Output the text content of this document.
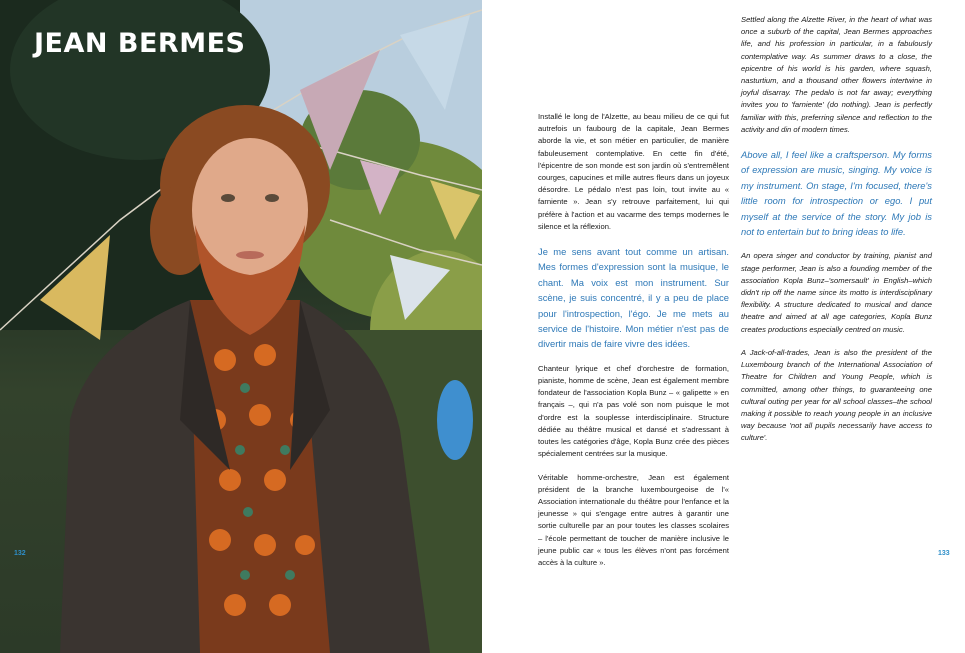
JEAN BERMES
132

Installé le long de l'Alzette, au beau milieu de ce qui fut autrefois un faubourg de la capitale, Jean Bermes aborde la vie, et son métier en particulier, de manière fabuleusement contemplative. En cette fin d'été, l'épicentre de son monde est son jardin où s'entremêlent courges, capucines et mille autres fleurs dans un joyeux désordre. Le pédalo n'est pas loin, tout invite au « farniente ». Jean s'y retrouve parfaitement, lui qui préfère à l'action et au vacarme des temps modernes le silence et la réflexion.

Je me sens avant tout comme un artisan. Mes formes d'expression sont la musique, le chant. Ma voix est mon instrument. Sur scène, je suis concentré, il y a peu de place pour l'introspection, l'égo. Je me mets au service de l'histoire. Mon métier n'est pas de divertir mais de faire vivre des idées.

Chanteur lyrique et chef d'orchestre de formation, pianiste, homme de scène, Jean est également membre fondateur de l'association Kopla Bunz – « galipette » en français –, qui n'a pas volé son nom puisque le mot d'ordre est la souplesse interdisciplinaire. Structure dédiée au théâtre musical et dansé et s'adressant à toutes les catégories d'âge, Kopla Bunz crée des pièces spécialement centrées sur la musique.

Véritable homme-orchestre, Jean est également président de la branche luxembourgeoise de l'« Association internationale du théâtre pour l'enfance et la jeunesse » qui s'engage entre autres à garantir une sortie culturelle par an pour toutes les classes scolaires – l'école permettant de toucher de manière inclusive le jeune public car « tous les élèves n'ont pas forcément accès à la culture ».

Settled along the Alzette River, in the heart of what was once a suburb of the capital, Jean Bermes approaches life, and his profession in particular, in a fabulously contemplative way. As summer draws to a close, the epicentre of his world is his garden, where squash, nasturtium, and a thousand other flowers intertwine in joyful disarray. The pedalo is not far away; everything invites you to 'farniente' (do nothing). Jean is perfectly familiar with this, preferring silence and reflection to the activity and din of modern times.

Above all, I feel like a craftsperson. My forms of expression are music, singing. My voice is my instrument. On stage, I'm focused, there's little room for introspection or ego. I put myself at the service of the story. My job is not to entertain but to bring ideas to life.

An opera singer and conductor by training, pianist and stage performer, Jean is also a founding member of the association Kopla Bunz–'somersault' in English–which didn't rip off the name since its motto is interdisciplinary flexibility. A structure dedicated to musical and dance theatre and aimed at all age categories, Kopla Bunz creates productions especially centred on music.

A Jack-of-all-trades, Jean is also the president of the Luxembourg branch of the International Association of Theatre for Children and Young People, which is committed, among other things, to guaranteeing one cultural outing per year for all school classes–the school making it possible to reach young people in an inclusive way because 'not all pupils necessarily have access to culture'.

133
